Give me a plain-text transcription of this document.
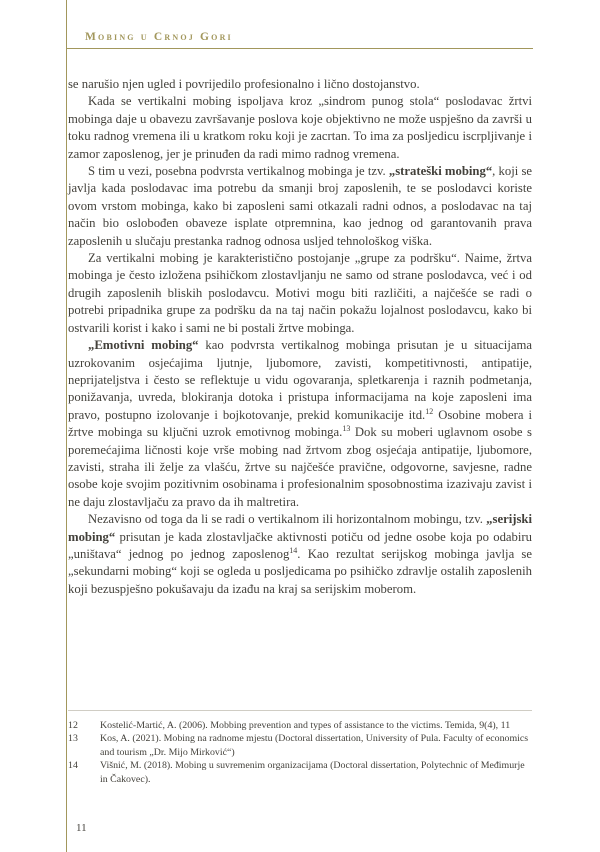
Mobing u Crnoj Gori

se narušio njen ugled i povrijedilo profesionalno i lično dostojanstvo.

Kada se vertikalni mobing ispoljava kroz „sindrom punog stola“ poslodavac žrtvi mobinga daje u obavezu završavanje poslova koje objektivno ne može uspješno da završi u toku radnog vremena ili u kratkom roku koji je zacrtan. To ima za posljedicu iscrpljivanje i zamor zaposlenog, jer je prinuđen da radi mimo radnog vremena.

S tim u vezi, posebna podvrsta vertikalnog mobinga je tzv. „strateški mobing“, koji se javlja kada poslodavac ima potrebu da smanji broj zaposlenih, te se poslodavci koriste ovom vrstom mobinga, kako bi zaposleni sami otkazali radni odnos, a poslodavac na taj način bio oslobođen obaveze isplate otpremnina, kao jednog od garantovanih prava zaposlenih u slučaju prestanka radnog odnosa usljed tehnološkog viška.

Za vertikalni mobing je karakteristično postojanje „grupe za podršku“. Naime, žrtva mobinga je često izložena psihičkom zlostavljanju ne samo od strane poslodavca, već i od drugih zaposlenih bliskih poslodavcu. Motivi mogu biti različiti, a najčešće se radi o potrebi pripadnika grupe za podršku da na taj način pokažu lojalnost poslodavcu, kako bi ostvarili korist i kako i sami ne bi postali žrtve mobinga.

„Emotivni mobing“ kao podvrsta vertikalnog mobinga prisutan je u situacijama uzrokovanim osjećajima ljutnje, ljubomore, zavisti, kompetitivnosti, antipatije, neprijateljstva i često se reflektuje u vidu ogovaranja, spletkarenja i raznih podmetanja, ponižavanja, uvreda, blokiranja dotoka i pristupa informacijama na koje zaposleni ima pravo, postupno izolovanje i bojkotovanje, prekid komunikacije itd.$^{12}$ Osobine mobera i žrtve mobinga su ključni uzrok emotivnog mobinga.$^{13}$ Dok su moberi uglavnom osobe s poremećajima ličnosti koje vrše mobing nad žrtvom zbog osjećaja antipatije, ljubomore, zavisti, straha ili želje za vlašću, žrtve su najčešće pravične, odgovorne, savjesne, radne osobe koje svojim pozitivnim osobinama i profesionalnim sposobnostima izazivaju zavist i ne daju zlostavljaču za pravo da ih maltretira.

Nezavisno od toga da li se radi o vertikalnom ili horizontalnom mobingu, tzv. „serijski mobing“ prisutan je kada zlostavljačke aktivnosti potiču od jedne osobe koja po odabiru „uništava“ jednog po jednog zaposlenog$^{14}$. Kao rezultat serijskog mobinga javlja se „sekundarni mobing“ koji se ogleda u posljedicama po psihičko zdravlje ostalih zaposlenih koji bezuspješno pokušavaju da izađu na kraj sa serijskim moberom.

12	Kostelić-Martić, A. (2006). Mobbing prevention and types of assistance to the victims. Temida, 9(4), 11
13	Kos, A. (2021). Mobing na radnome mjestu (Doctoral dissertation, University of Pula. Faculty of economics and tourism „Dr. Mijo Mirković“)
14	Višnić, M. (2018). Mobing u suvremenim organizacijama (Doctoral dissertation, Polytechnic of Međimurje in Čakovec).
11
